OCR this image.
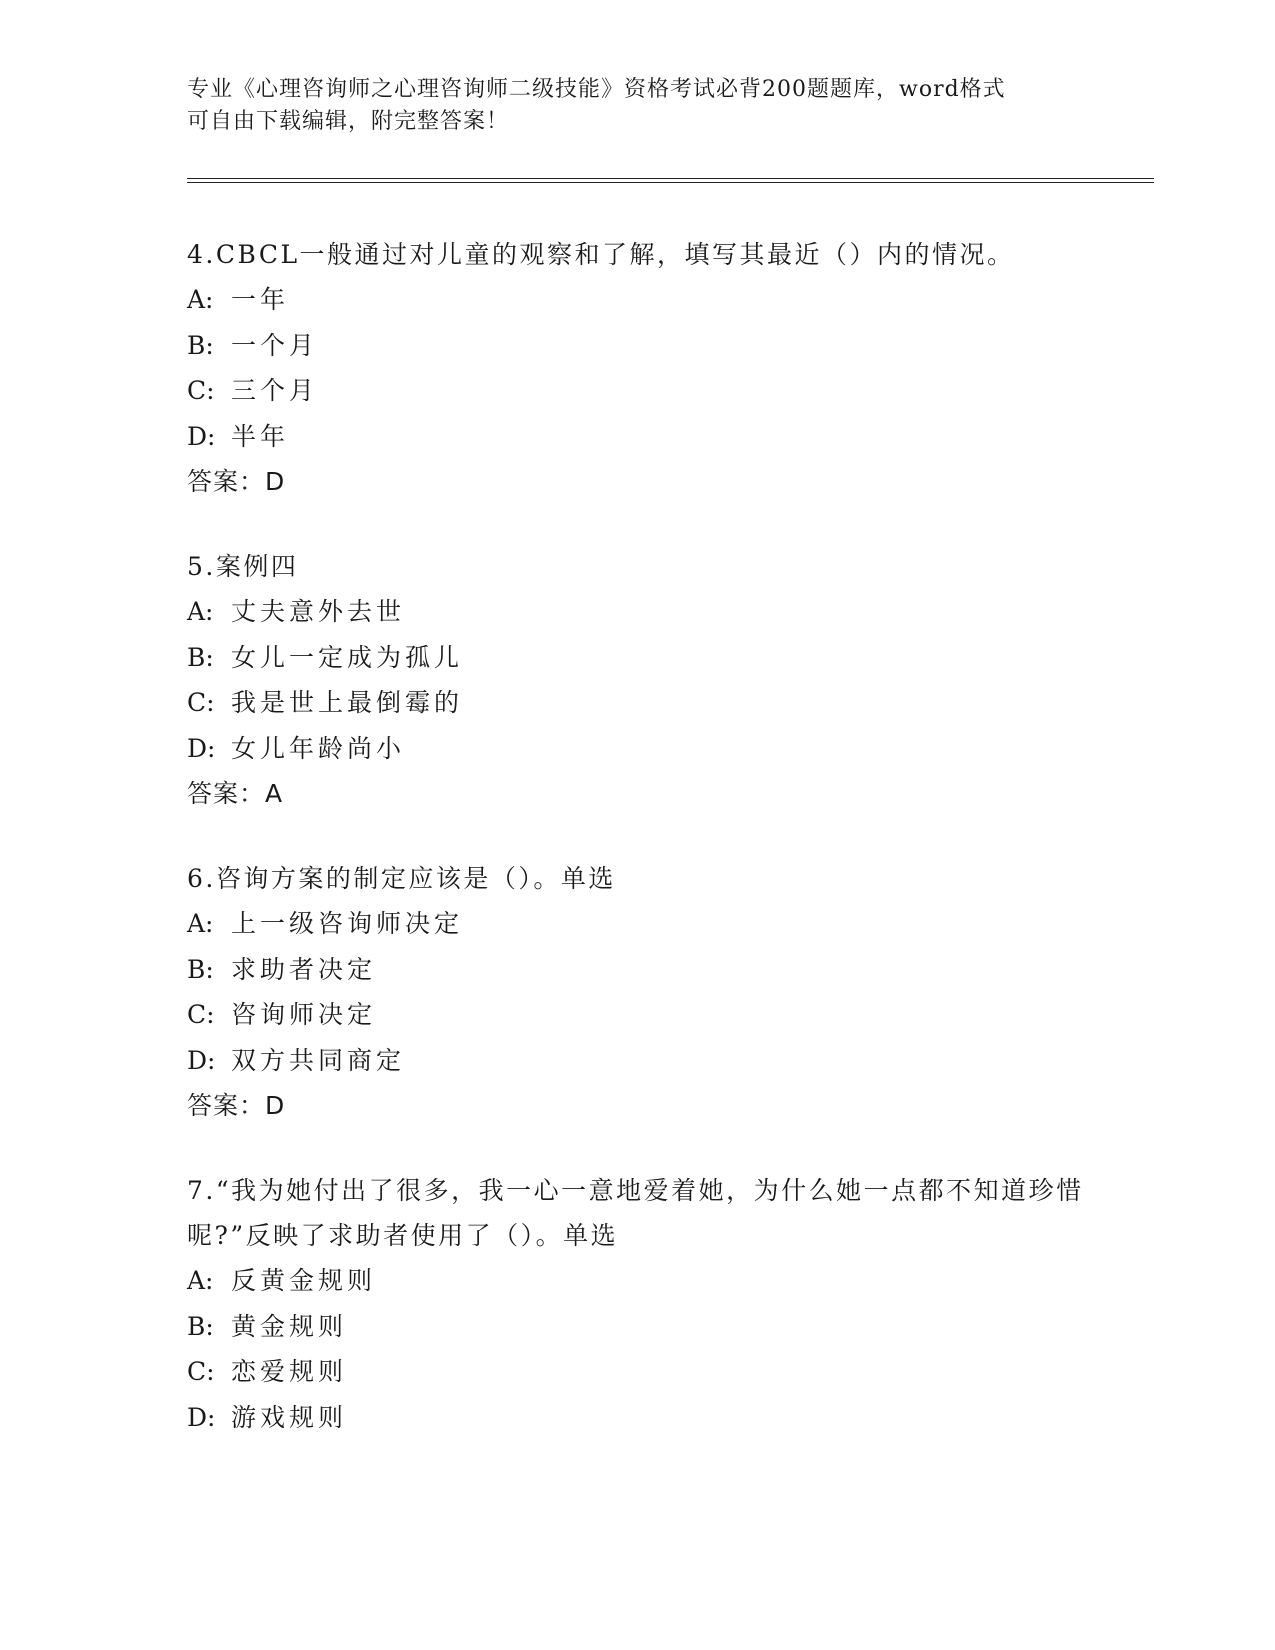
专业《心理咨询师之心理咨询师二级技能》资格考试必背200题题库，word格式
可自由下载编辑，附完整答案！
4.CBCL一般通过对儿童的观察和了解，填写其最近（）内的情况。
A: 一年
B: 一个月
C: 三个月
D: 半年
答案：D
5.案例四
A: 丈夫意外去世
B: 女儿一定成为孤儿
C: 我是世上最倒霉的
D: 女儿年龄尚小
答案：A
6.咨询方案的制定应该是（）。单选
A: 上一级咨询师决定
B: 求助者决定
C: 咨询师决定
D: 双方共同商定
答案：D
7.“我为她付出了很多，我一心一意地爱着她，为什么她一点都不知道珍惜呢?”反映了求助者使用了（）。单选
A: 反黄金规则
B: 黄金规则
C: 恋爱规则
D: 游戏规则
